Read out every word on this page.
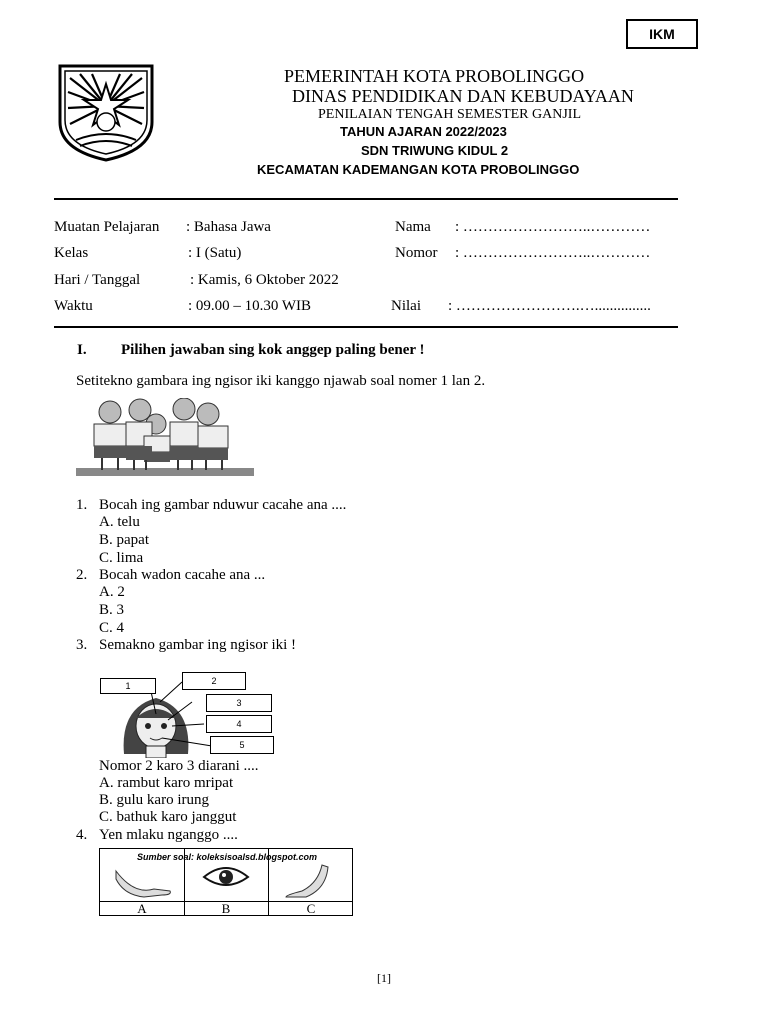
IKM
PEMERINTAH KOTA PROBOLINGGO
DINAS PENDIDIKAN DAN KEBUDAYAAN
PENILAIAN TENGAH SEMESTER GANJIL
TAHUN AJARAN 2022/2023
SDN TRIWUNG KIDUL 2
KECAMATAN KADEMANGAN KOTA PROBOLINGGO
Muatan Pelajaran : Bahasa Jawa
Kelas	: I (Satu)
Hari / Tanggal	: Kamis, 6 Oktober 2022
Waktu	: 09.00 – 10.30 WIB
Nama : ……………………..…………
Nomor : ……………………..…………
Nilai : …………………….…...............
I. Pilihen jawaban sing kok anggep paling bener !
Setitekno gambara ing ngisor iki kanggo njawab soal nomer 1 lan 2.
1. Bocah ing gambar nduwur cacahe ana ....
A. telu
B. papat
C. lima
2. Bocah wadon cacahe ana ...
A. 2
B. 3
C. 4
3. Semakno gambar ing ngisor iki !
1	2
3
4
5
Nomor 2 karo 3 diarani ....
A. rambut karo mripat
B. gulu karo irung
C. bathuk karo janggut
4. Yen mlaku nganggo ....
Sumber soal: koleksisoalsd.blogspot.com
A	B	C
[1]
